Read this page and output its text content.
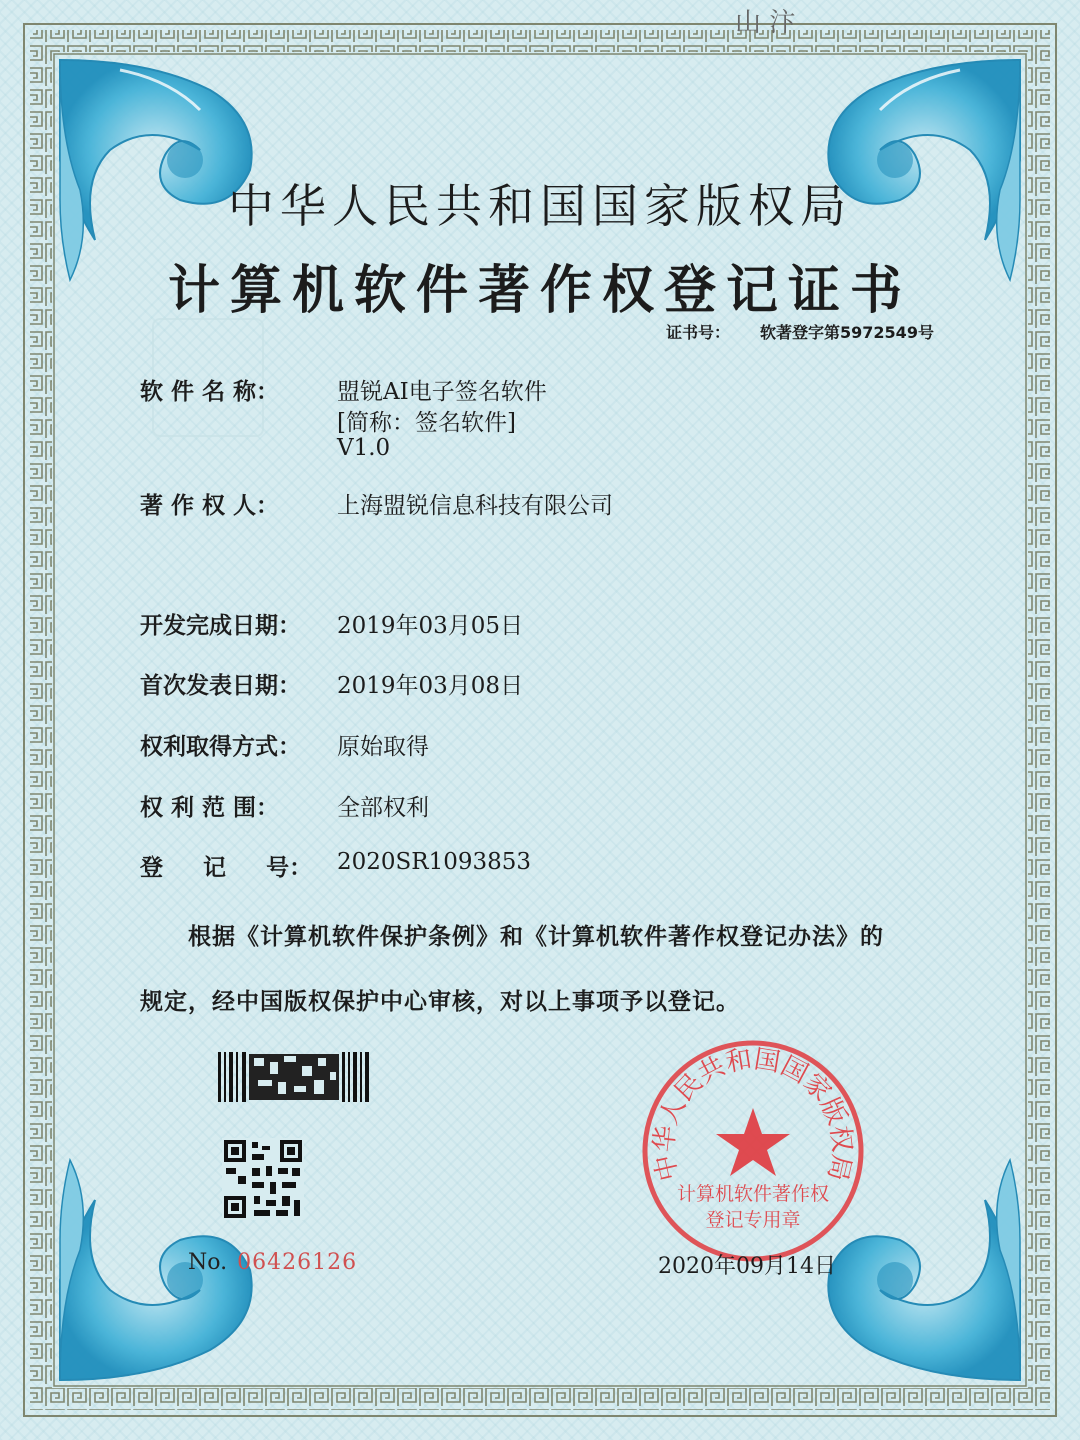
山 汴
中华人民共和国国家版权局
计算机软件著作权登记证书
证书号： 软著登字第5972549号
软 件 名 称：	盟锐AI电子签名软件
[简称：签名软件]
V1.0
著 作 权 人：	上海盟锐信息科技有限公司
开发完成日期： 2019年03月05日
首次发表日期： 2019年03月08日
权利取得方式： 原始取得
权 利 范 围：	全部权利
登     记     号： 2020SR1093853
根据《计算机软件保护条例》和《计算机软件著作权登记办法》的
规定，经中国版权保护中心审核，对以上事项予以登记。
No. 06426126
中华人民共和国国家版权局
计算机软件著作权
登记专用章
2020年09月14日
